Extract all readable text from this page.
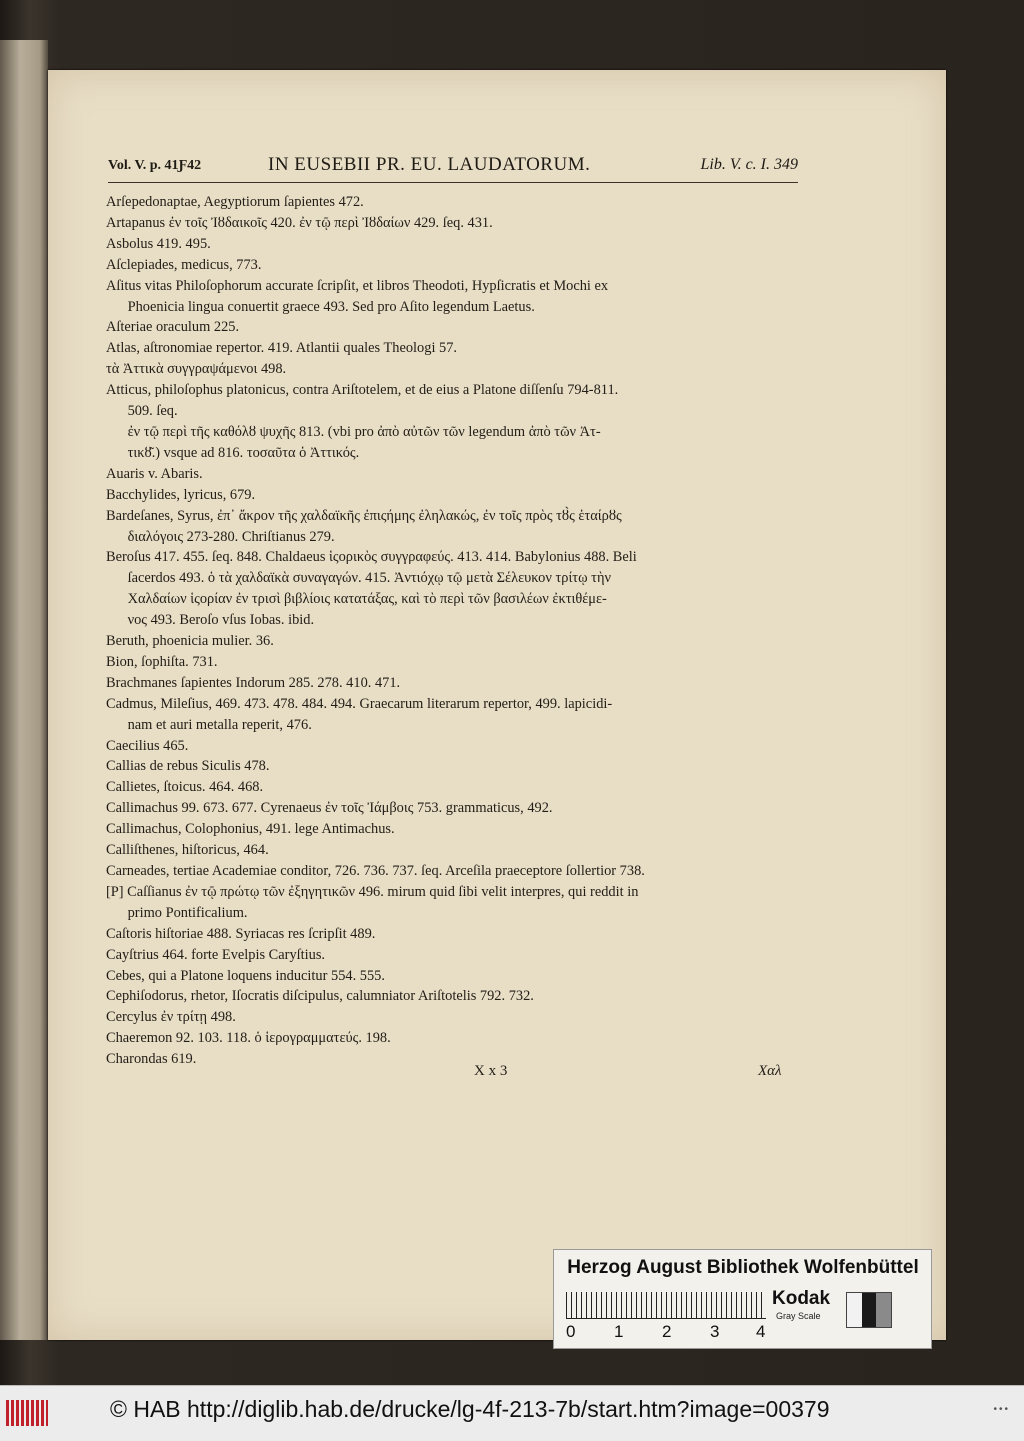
Vol. V. p. 41Ƒ42	IN EUSEBII PR. EU. LAUDATORUM.	Lib. V. c. I. 349
Arſepedonaptae, Aegyptiorum ſapientes 472.
Artapanus ἐν τοῖς Ἰȣδαικοῖς 420. ἐν τῷ περὶ Ἰȣδαίων 429. ſeq. 431.
Asbolus 419. 495.
Aſclepiades, medicus, 773.
Aſitus vitas Philoſophorum accurate ſcripſit, et libros Theodoti, Hypſicratis et Mochi ex
Phoenicia lingua conuertit graece 493. Sed pro Aſito legendum Laetus.
Aſteriae oraculum 225.
Atlas, aſtronomiae repertor. 419. Atlantii quales Theologi 57.
τὰ Ἀττικὰ συγγραψάμενοι 498.
Atticus, philoſophus platonicus, contra Ariſtotelem, et de eius a Platone diſſenſu 794-811.
509. ſeq.
ἐν τῷ περὶ τῆς καθόλȣ ψυχῆς 813. (vbi pro ἀπὸ αὐτῶν τῶν legendum ἀπὸ τῶν Ἀτ-
τικȣ͂.) vsque ad 816. τοσαῦτα ὁ Ἀττικός.
Auaris v. Abaris.
Bacchylides, lyricus, 679.
Bardeſanes, Syrus, ἐπ᾽ ἄκρον τῆς χαλδαϊκῆς ἐπιςήμης ἐληλακώς, ἐν τοῖς πρὸς τȣ̀ς ἑταίρȣς
διαλόγοις 273-280. Chriſtianus 279.
Beroſus 417. 455. ſeq. 848. Chaldaeus ἱςορικὸς συγγραφεύς. 413. 414. Babylonius 488. Beli
ſacerdos 493. ὁ τὰ χαλδαϊκὰ συναγαγών. 415. Ἀντιόχῳ τῷ μετὰ Σέλευκον τρίτῳ τὴν
Χαλδαίων ἱςορίαν ἐν τρισὶ βιβλίοις κατατάξας, καὶ τὸ περὶ τῶν βασιλέων ἐκτιθέμε-
νος 493. Beroſo vſus Iobas. ibid.
Beruth, phoenicia mulier. 36.
Bion, ſophiſta. 731.
Brachmanes ſapientes Indorum 285. 278. 410. 471.
Cadmus, Mileſius, 469. 473. 478. 484. 494. Graecarum literarum repertor, 499. lapicidi-
nam et auri metalla reperit, 476.
Caecilius 465.
Callias de rebus Siculis 478.
Callietes, ſtoicus. 464. 468.
Callimachus 99. 673. 677. Cyrenaeus ἐν τοῖς Ἰάμβοις 753. grammaticus, 492.
Callimachus, Colophonius, 491. lege Antimachus.
Calliſthenes, hiſtoricus, 464.
Carneades, tertiae Academiae conditor, 726. 736. 737. ſeq. Arceſila praeceptore ſollertior 738.
[P] Caſſianus ἐν τῷ πρώτῳ τῶν ἐξηγητικῶν 496. mirum quid ſibi velit interpres, qui reddit in
primo Pontificalium.
Caſtoris hiſtoriae 488. Syriacas res ſcripſit 489.
Cayſtrius 464. forte Evelpis Caryſtius.
Cebes, qui a Platone loquens inducitur 554. 555.
Cephiſodorus, rhetor, Iſocratis diſcipulus, calumniator Ariſtotelis 792. 732.
Cercylus ἐν τρίτῃ 498.
Chaeremon 92. 103. 118. ὁ ἱερογραμματεύς. 198.
Charondas 619.
X x 3	Χαλ
Herzog August Bibliothek Wolfenbüttel
0 1 2 3 4
Kodak
Gray Scale
© HAB http://diglib.hab.de/drucke/lg-4f-213-7b/start.htm?image=00379	•••
